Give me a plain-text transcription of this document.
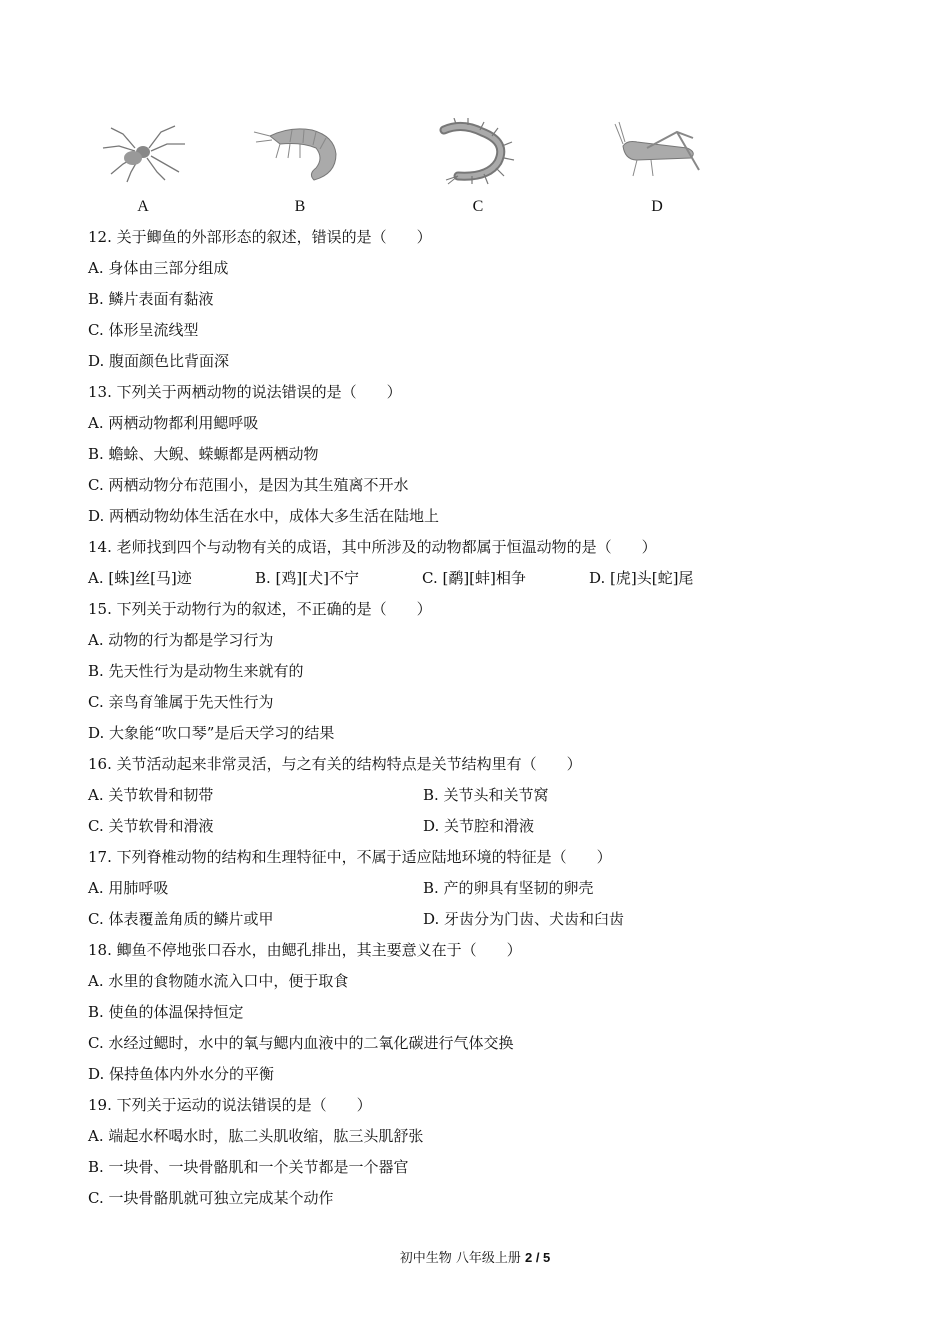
A	B	C	D
12. 关于鲫鱼的外部形态的叙述，错误的是（　　）
A. 身体由三部分组成
B. 鳞片表面有黏液
C. 体形呈流线型
D. 腹面颜色比背面深
13. 下列关于两栖动物的说法错误的是（　　）
A. 两栖动物都利用鳃呼吸
B. 蟾蜍、大鲵、蝾螈都是两栖动物
C. 两栖动物分布范围小，是因为其生殖离不开水
D. 两栖动物幼体生活在水中，成体大多生活在陆地上
14. 老师找到四个与动物有关的成语，其中所涉及的动物都属于恒温动物的是（　　）
A. [蛛]丝[马]迹	B. [鸡][犬]不宁	C. [鹬][蚌]相争	D. [虎]头[蛇]尾
15. 下列关于动物行为的叙述，不正确的是（　　）
A. 动物的行为都是学习行为
B. 先天性行为是动物生来就有的
C. 亲鸟育雏属于先天性行为
D. 大象能“吹口琴”是后天学习的结果
16. 关节活动起来非常灵活，与之有关的结构特点是关节结构里有（　　）
A. 关节软骨和韧带	B. 关节头和关节窝
C. 关节软骨和滑液	D. 关节腔和滑液
17. 下列脊椎动物的结构和生理特征中，不属于适应陆地环境的特征是（　　）
A. 用肺呼吸	B. 产的卵具有坚韧的卵壳
C. 体表覆盖角质的鳞片或甲	D. 牙齿分为门齿、犬齿和臼齿
18. 鲫鱼不停地张口吞水，由鳃孔排出，其主要意义在于（　　）
A. 水里的食物随水流入口中，便于取食
B. 使鱼的体温保持恒定
C. 水经过鳃时，水中的氧与鳃内血液中的二氧化碳进行气体交换
D. 保持鱼体内外水分的平衡
19. 下列关于运动的说法错误的是（　　）
A. 端起水杯喝水时，肱二头肌收缩，肱三头肌舒张
B. 一块骨、一块骨骼肌和一个关节都是一个器官
C. 一块骨骼肌就可独立完成某个动作
初中生物 八年级上册 2 / 5
